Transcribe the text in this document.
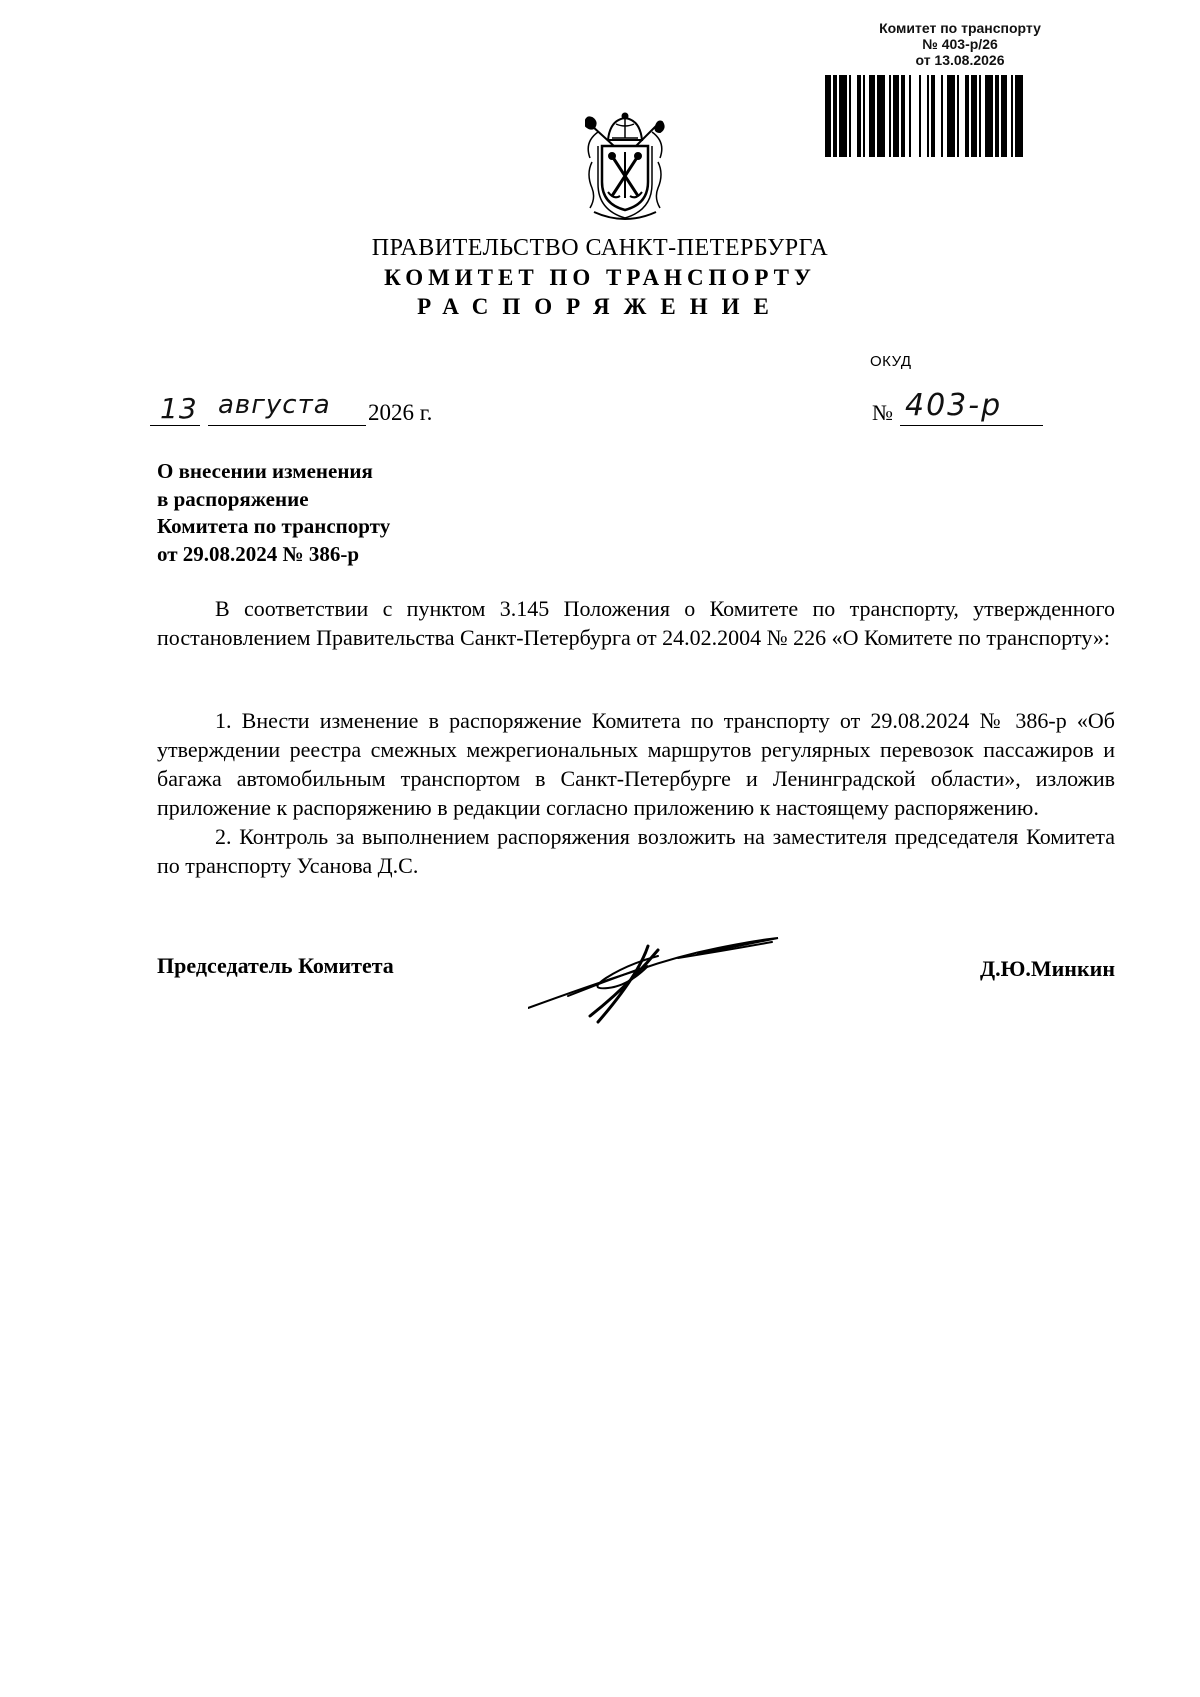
Комитет по транспорту
№ 403-р/26
от 13.08.2026
ПРАВИТЕЛЬСТВО САНКТ-ПЕТЕРБУРГА
КОМИТЕТ ПО ТРАНСПОРТУ
РАСПОРЯЖЕНИЕ
ОКУД
13 августа 2026 г.	№ 403-р
О внесении изменения
в распоряжение
Комитета по транспорту
от 29.08.2024 № 386-р

В соответствии с пунктом 3.145 Положения о Комитете по транспорту, утвержденного постановлением Правительства Санкт-Петербурга от 24.02.2004 № 226 «О Комитете по транспорту»:

1. Внести изменение в распоряжение Комитета по транспорту от 29.08.2024 № 386-р «Об утверждении реестра смежных межрегиональных маршрутов регулярных перевозок пассажиров и багажа автомобильным транспортом в Санкт-Петербурге и Ленинградской области», изложив приложение к распоряжению в редакции согласно приложению к настоящему распоряжению.

2. Контроль за выполнением распоряжения возложить на заместителя председателя Комитета по транспорту Усанова Д.С.

Председатель Комитета	Д.Ю.Минкин
